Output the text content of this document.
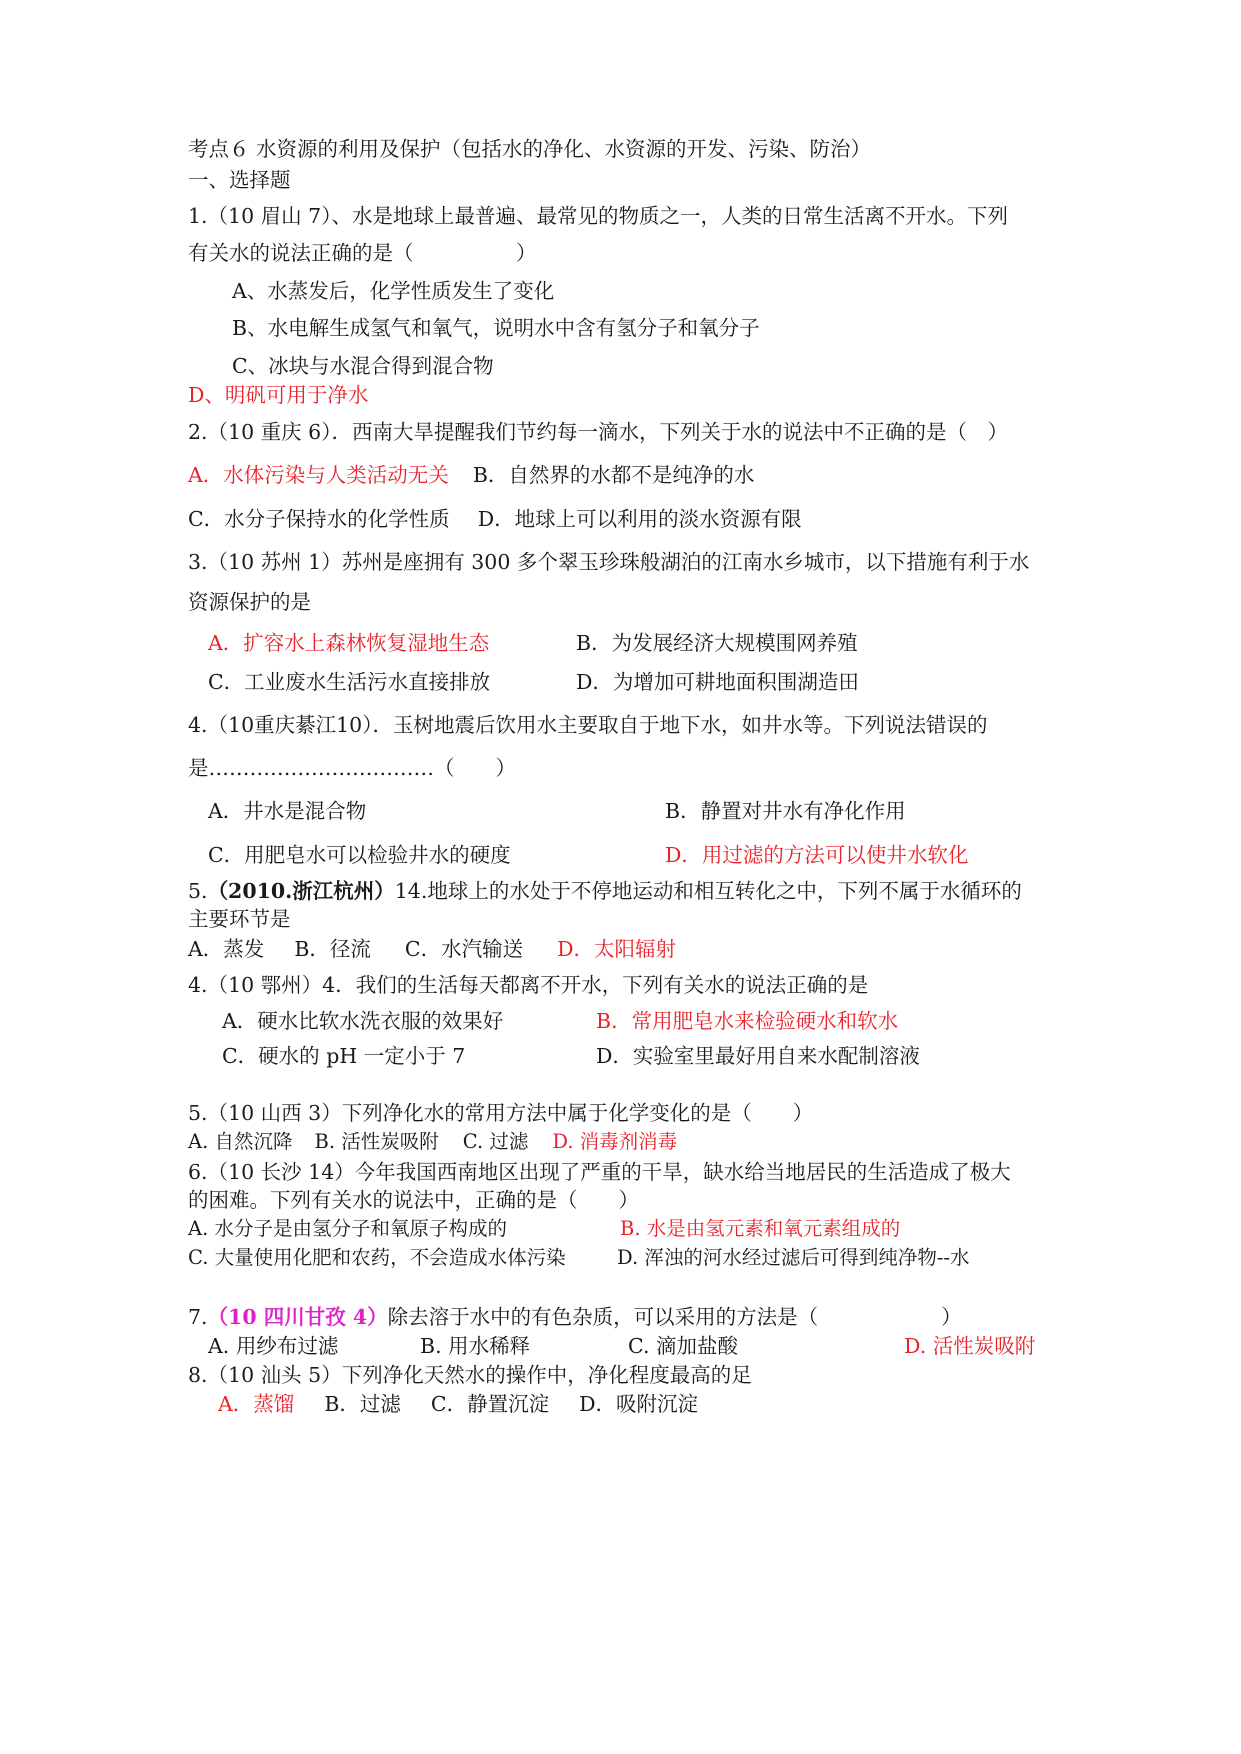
考点６ 水资源的利用及保护（包括水的净化、水资源的开发、污染、防治）
一、选择题
1.（10 眉山 7）、水是地球上最普遍、最常见的物质之一，人类的日常生活离不开水。下列
有关水的说法正确的是（　　　　　）
A、水蒸发后，化学性质发生了变化
B、水电解生成氢气和氧气，说明水中含有氢分子和氧分子
C、冰块与水混合得到混合物
D、明矾可用于净水
2.（10 重庆 6）．西南大旱提醒我们节约每一滴水，下列关于水的说法中不正确的是（　）
A．水体污染与人类活动无关 B．自然界的水都不是纯净的水
C．水分子保持水的化学性质 D．地球上可以利用的淡水资源有限
3.（10 苏州 1）苏州是座拥有 300 多个翠玉珍珠般湖泊的江南水乡城市，以下措施有利于水
资源保护的是
A．扩容水上森林恢复湿地生态	B．为发展经济大规模围网养殖
C．工业废水生活污水直接排放	D．为增加可耕地面积围湖造田
4.（10重庆綦江10）．玉树地震后饮用水主要取自于地下水，如井水等。下列说法错误的
是……………………………（　　）
A．井水是混合物	B．静置对井水有净化作用
C．用肥皂水可以检验井水的硬度	D．用过滤的方法可以使井水软化
5.（2010.浙江杭州）14.地球上的水处于不停地运动和相互转化之中，下列不属于水循环的
主要环节是
A．蒸发 B．径流 C．水汽输送 D．太阳辐射
4.（10 鄂州）4．我们的生活每天都离不开水，下列有关水的说法正确的是
A．硬水比软水洗衣服的效果好	B．常用肥皂水来检验硬水和软水
C．硬水的 pH 一定小于 7	D．实验室里最好用自来水配制溶液
5.（10 山西 3）下列净化水的常用方法中属于化学变化的是（　　）
A. 自然沉降 B. 活性炭吸附 C. 过滤 D. 消毒剂消毒
6.（10 长沙 14）今年我国西南地区出现了严重的干旱，缺水给当地居民的生活造成了极大
的困难。下列有关水的说法中，正确的是（　　）
A. 水分子是由氢分子和氧原子构成的	B. 水是由氢元素和氧元素组成的
C. 大量使用化肥和农药，不会造成水体污染	D. 浑浊的河水经过滤后可得到纯净物--水
7.（10 四川甘孜 4）除去溶于水中的有色杂质，可以采用的方法是（　　　　　　）
A. 用纱布过滤	B. 用水稀释	C. 滴加盐酸	D. 活性炭吸附
8.（10 汕头 5）下列净化天然水的操作中，净化程度最高的足
A．蒸馏 B．过滤 C．静置沉淀 D．吸附沉淀
